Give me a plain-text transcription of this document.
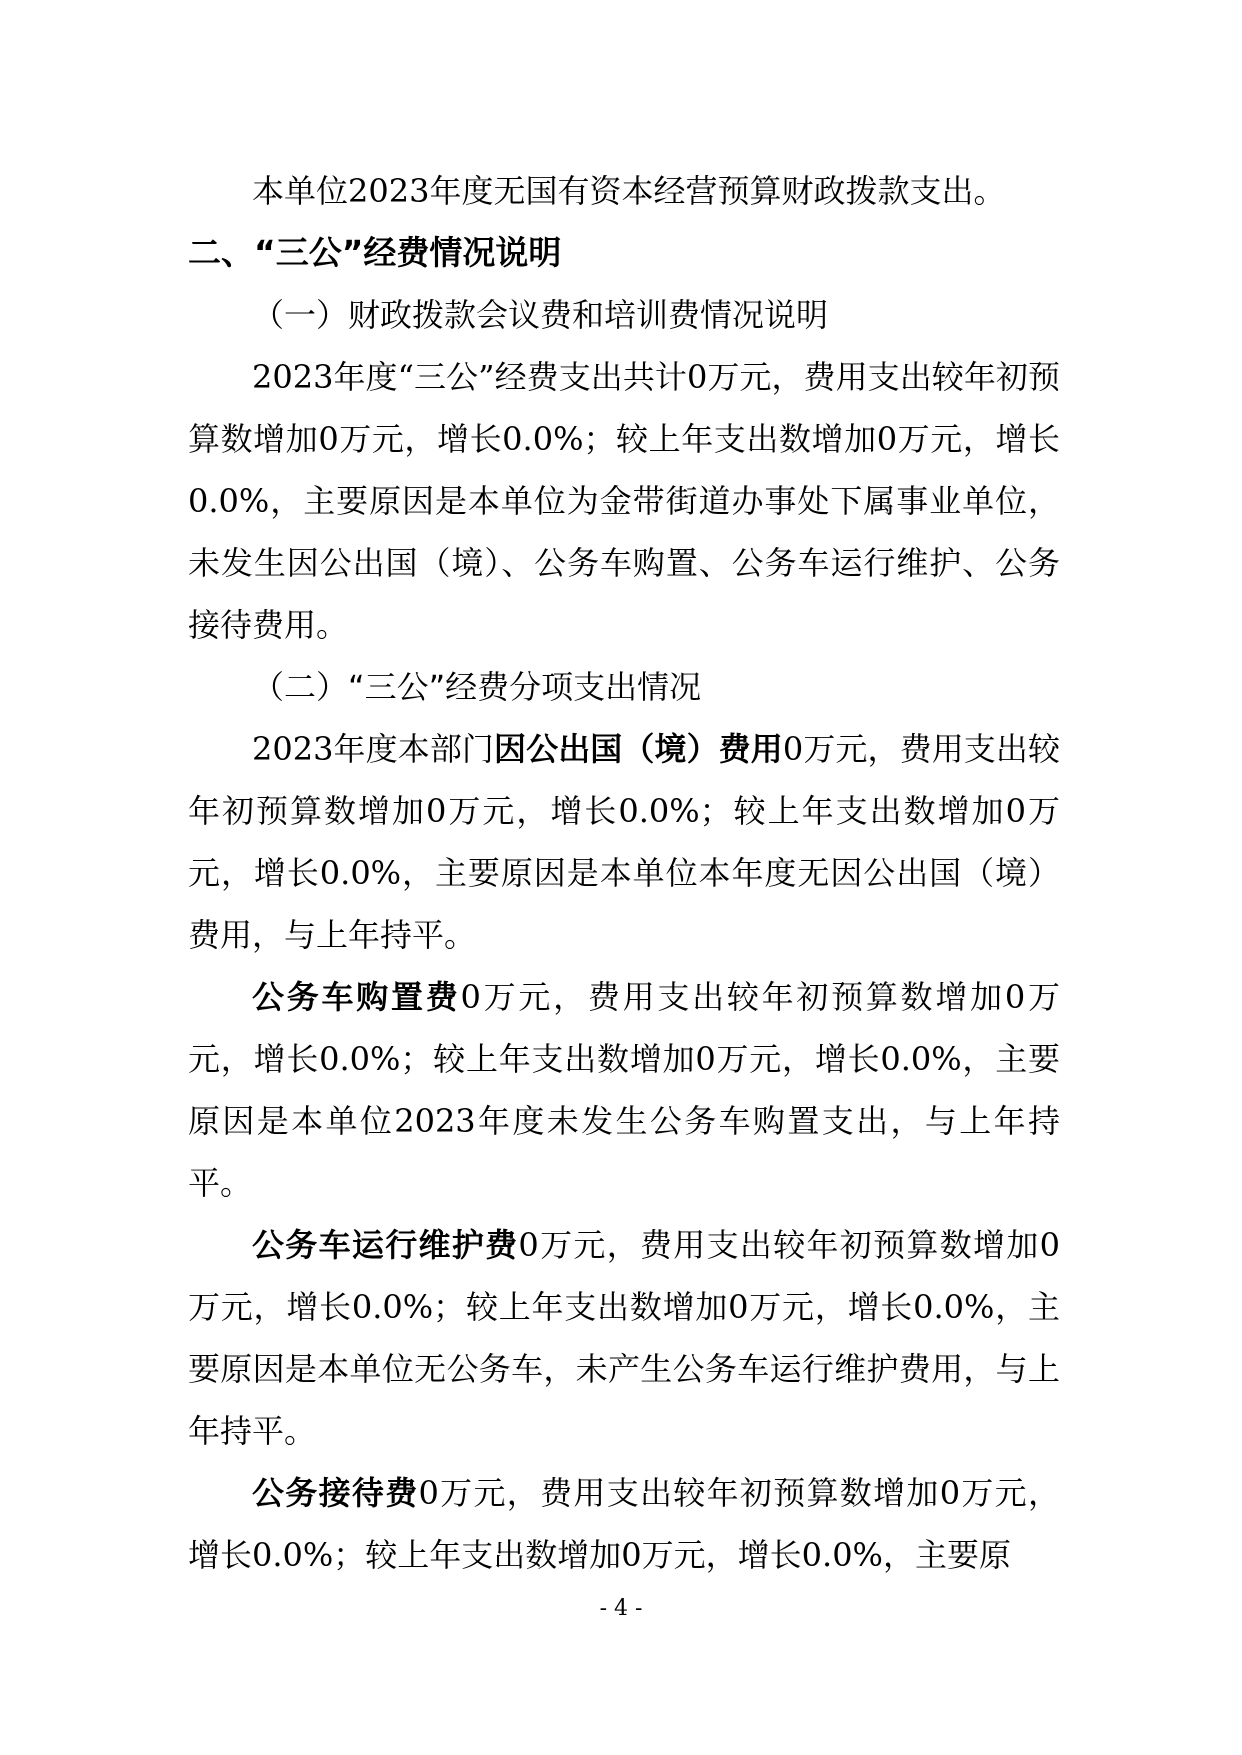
本单位2023年度无国有资本经营预算财政拨款支出。

二、“三公”经费情况说明

（一）财政拨款会议费和培训费情况说明

2023年度“三公”经费支出共计0万元，费用支出较年初预算数增加0万元，增长0.0%；较上年支出数增加0万元，增长0.0%，主要原因是本单位为金带街道办事处下属事业单位，未发生因公出国（境）、公务车购置、公务车运行维护、公务接待费用。

（二）“三公”经费分项支出情况

2023年度本部门因公出国（境）费用0万元，费用支出较年初预算数增加0万元，增长0.0%；较上年支出数增加0万元，增长0.0%，主要原因是本单位本年度无因公出国（境）费用，与上年持平。

公务车购置费0万元，费用支出较年初预算数增加0万元，增长0.0%；较上年支出数增加0万元，增长0.0%，主要原因是本单位2023年度未发生公务车购置支出，与上年持平。

公务车运行维护费0万元，费用支出较年初预算数增加0万元，增长0.0%；较上年支出数增加0万元，增长0.0%，主要原因是本单位无公务车，未产生公务车运行维护费用，与上年持平。

公务接待费0万元，费用支出较年初预算数增加0万元，增长0.0%；较上年支出数增加0万元，增长0.0%，主要原

- 4 -
